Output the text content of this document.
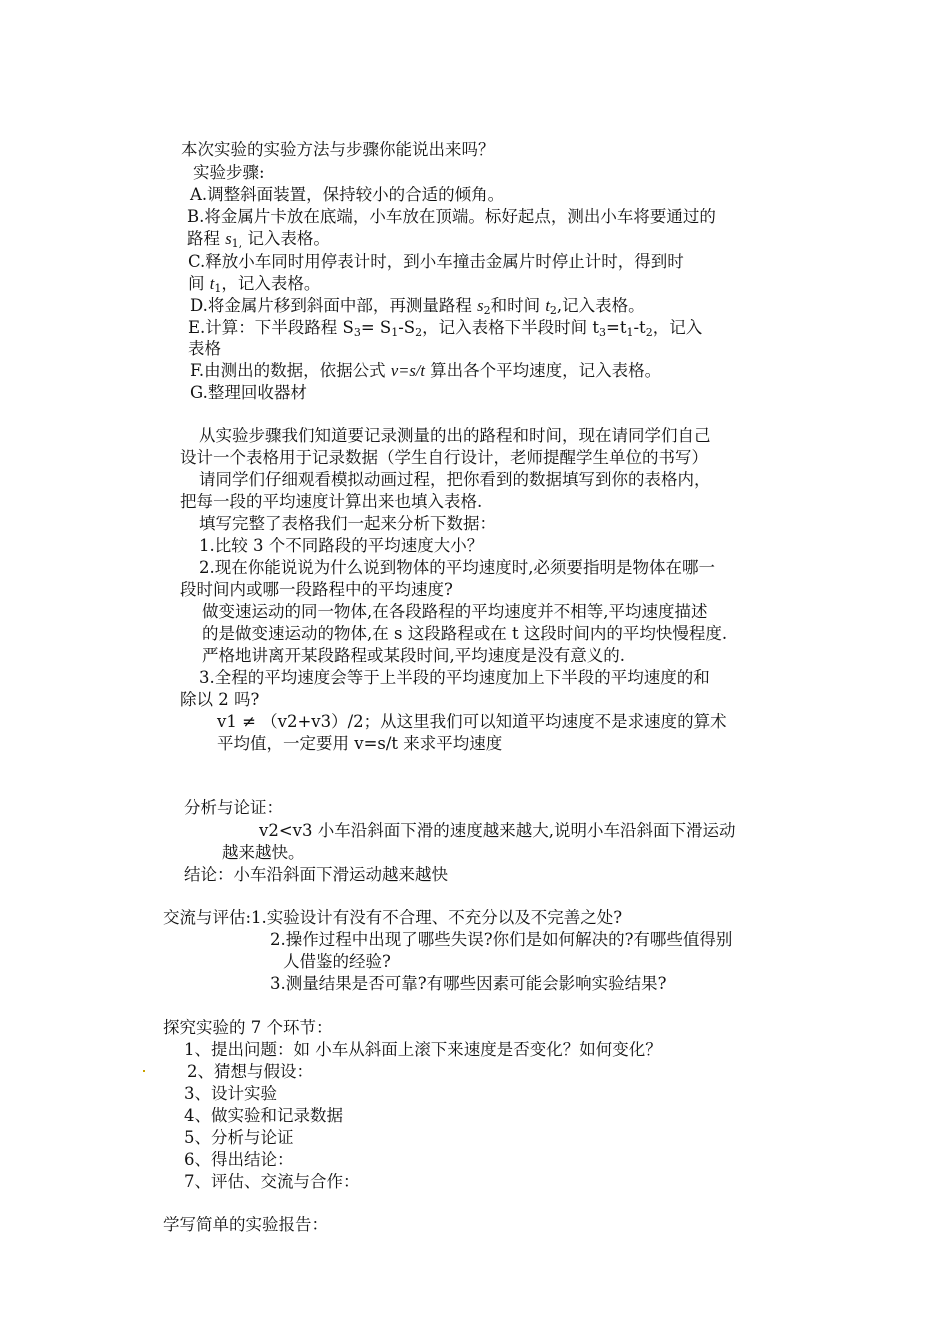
本次实验的实验方法与步骤你能说出来吗？
实验步骤:
A.调整斜面装置，保持较小的合适的倾角。
B.将金属片卡放在底端，小车放在顶端。标好起点，测出小车将要通过的
路程 $s_{1,}$ 记入表格。
C.释放小车同时用停表计时，到小车撞击金属片时停止计时，得到时
间 $t_1$，记入表格。
D.将金属片移到斜面中部，再测量路程 $s_2$和时间 $t_2$,记入表格。
E.计算：下半段路程 $S_3= S_1-S_2$，记入表格下半段时间 $t_3=t_1-t_2$，记入
表格
F.由测出的数据，依据公式 v=s/t 算出各个平均速度，记入表格。
G.整理回收器材
从实验步骤我们知道要记录测量的出的路程和时间，现在请同学们自己
设计一个表格用于记录数据（学生自行设计，老师提醒学生单位的书写）
请同学们仔细观看模拟动画过程，把你看到的数据填写到你的表格内，
把每一段的平均速度计算出来也填入表格.
填写完整了表格我们一起来分析下数据：
1.比较 3 个不同路段的平均速度大小？
2.现在你能说说为什么说到物体的平均速度时,必须要指明是物体在哪一
段时间内或哪一段路程中的平均速度?
做变速运动的同一物体,在各段路程的平均速度并不相等,平均速度描述
的是做变速运动的物体,在 s 这段路程或在 t 这段时间内的平均快慢程度.
严格地讲离开某段路程或某段时间,平均速度是没有意义的.
3.全程的平均速度会等于上半段的平均速度加上下半段的平均速度的和
除以 2 吗?
v1 ≠ （v2+v3）/2；从这里我们可以知道平均速度不是求速度的算术
平均值，一定要用 v=s/t 来求平均速度
分析与论证：
v2<v3 小车沿斜面下滑的速度越来越大,说明小车沿斜面下滑运动
越来越快。
结论：小车沿斜面下滑运动越来越快
交流与评估:1.实验设计有没有不合理、不充分以及不完善之处?
2.操作过程中出现了哪些失误?你们是如何解决的?有哪些值得别
人借鉴的经验?
3.测量结果是否可靠?有哪些因素可能会影响实验结果?
探究实验的 7 个环节：
1、提出问题：如 小车从斜面上滚下来速度是否变化？如何变化？
2、猜想与假设：
3、设计实验
4、做实验和记录数据
5、分析与论证
6、得出结论：
7、评估、交流与合作：
学写简单的实验报告：
